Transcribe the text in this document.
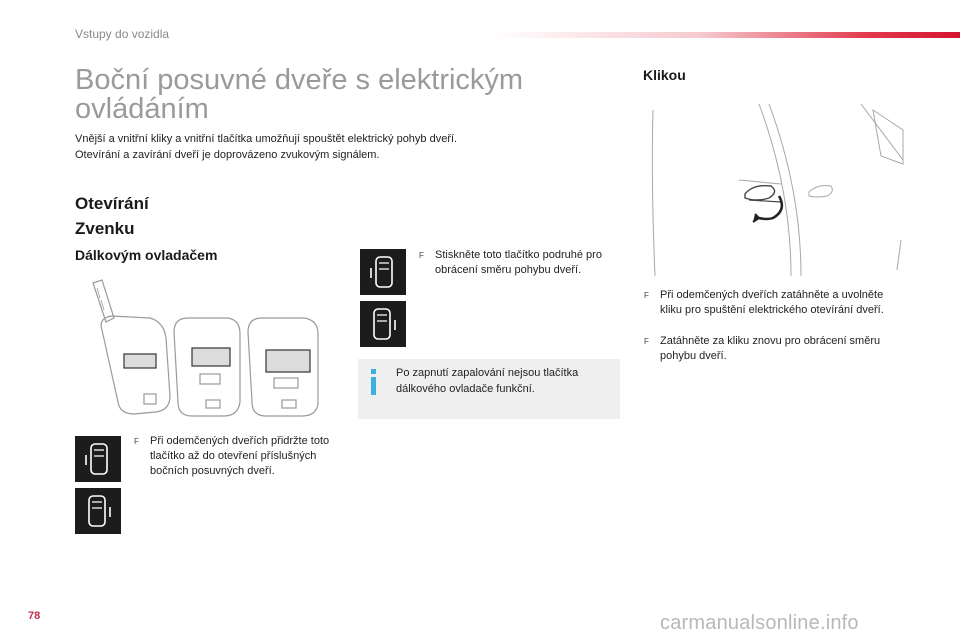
Vstupy do vozidla
Boční posuvné dveře s elektrickým ovládáním
Vnější a vnitřní kliky a vnitřní tlačítka umožňují spouštět elektrický pohyb dveří.
Otevírání a zavírání dveří je doprovázeno zvukovým signálem.
Otevírání
Zvenku
Dálkovým ovladačem
Klikou
F	Při odemčených dveřích přidržte toto tlačítko až do otevření příslušných bočních posuvných dveří.
F	Stiskněte toto tlačítko podruhé pro obrácení směru pohybu dveří.
Po zapnutí zapalování nejsou tlačítka dálkového ovladače funkční.
F	Při odemčených dveřích zatáhněte a uvolněte kliku pro spuštění elektrického otevírání dveří.
F	Zatáhněte za kliku znovu pro obrácení směru pohybu dveří.
78	carmanualsonline.info
